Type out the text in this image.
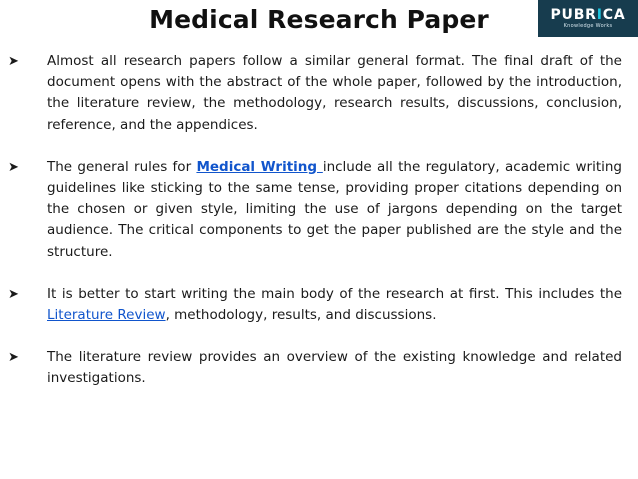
Medical Research Paper	PUBRICA
Knowledge Works
➤ Almost all research papers follow a similar general format. The final draft of the document opens with the abstract of the whole paper, followed by the introduction, the literature review, the methodology, research results, discussions, conclusion, reference, and the appendices.
➤ The general rules for Medical Writing include all the regulatory, academic writing guidelines like sticking to the same tense, providing proper citations depending on the chosen or given style, limiting the use of jargons depending on the target audience. The critical components to get the paper published are the style and the structure.
➤ It is better to start writing the main body of the research at first. This includes the Literature Review, methodology, results, and discussions.
➤ The literature review provides an overview of the existing knowledge and related investigations.
